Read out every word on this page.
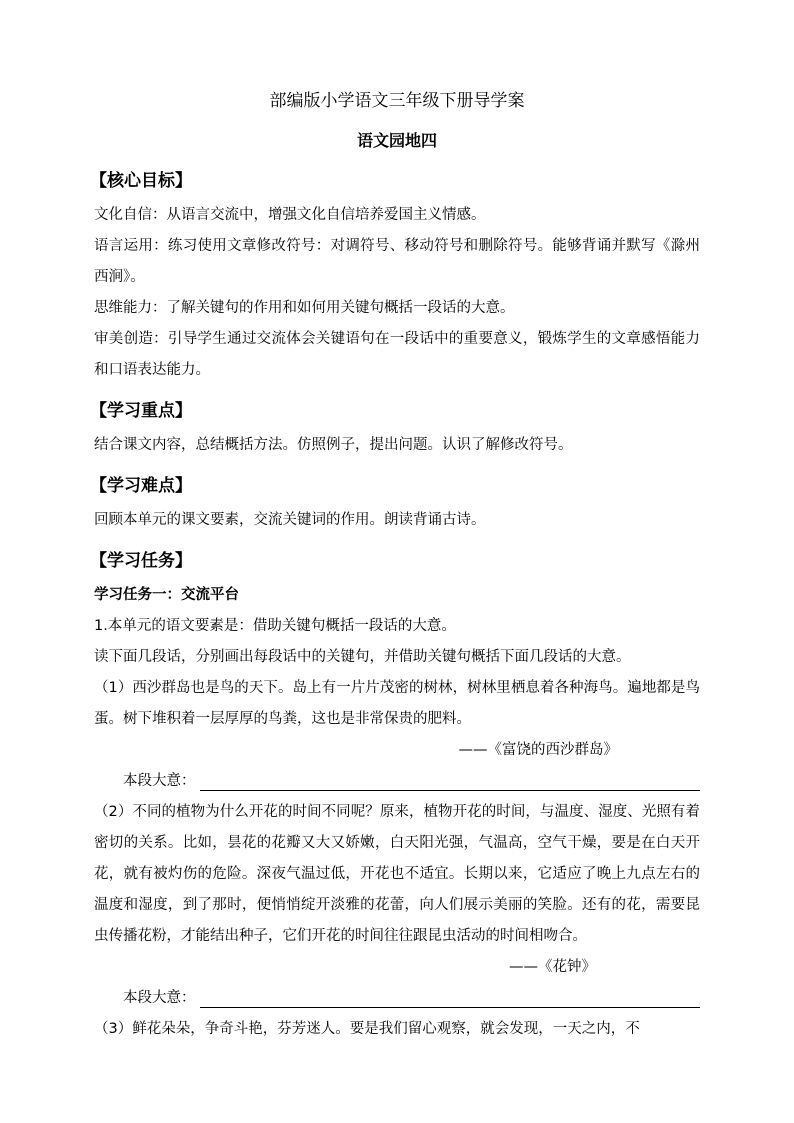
部编版小学语文三年级下册导学案
语文园地四
【核心目标】
文化自信：从语言交流中，增强文化自信培养爱国主义情感。
语言运用：练习使用文章修改符号：对调符号、移动符号和删除符号。能够背诵并默写《滁州西涧》。
思维能力：了解关键句的作用和如何用关键句概括一段话的大意。
审美创造：引导学生通过交流体会关键语句在一段话中的重要意义，锻炼学生的文章感悟能力和口语表达能力。
【学习重点】
结合课文内容，总结概括方法。仿照例子，提出问题。认识了解修改符号。
【学习难点】
回顾本单元的课文要素，交流关键词的作用。朗读背诵古诗。
【学习任务】
学习任务一：交流平台
1.本单元的语文要素是：借助关键句概括一段话的大意。
读下面几段话，分别画出每段话中的关键句，并借助关键句概括下面几段话的大意。
（1）西沙群岛也是鸟的天下。岛上有一片片茂密的树林，树林里栖息着各种海鸟。遍地都是鸟蛋。树下堆积着一层厚厚的鸟粪，这也是非常保贵的肥料。
——《富饶的西沙群岛》
本段大意：
（2）不同的植物为什么开花的时间不同呢？原来，植物开花的时间，与温度、湿度、光照有着密切的关系。比如，昙花的花瓣又大又娇嫩，白天阳光强，气温高，空气干燥，要是在白天开花，就有被灼伤的危险。深夜气温过低，开花也不适宜。长期以来，它适应了晚上九点左右的温度和湿度，到了那时，便悄悄绽开淡雅的花蕾，向人们展示美丽的笑脸。还有的花，需要昆虫传播花粉，才能结出种子，它们开花的时间往往跟昆虫活动的时间相吻合。
——《花钟》
本段大意：
（3）鲜花朵朵，争奇斗艳，芬芳迷人。要是我们留心观察，就会发现，一天之内，不
